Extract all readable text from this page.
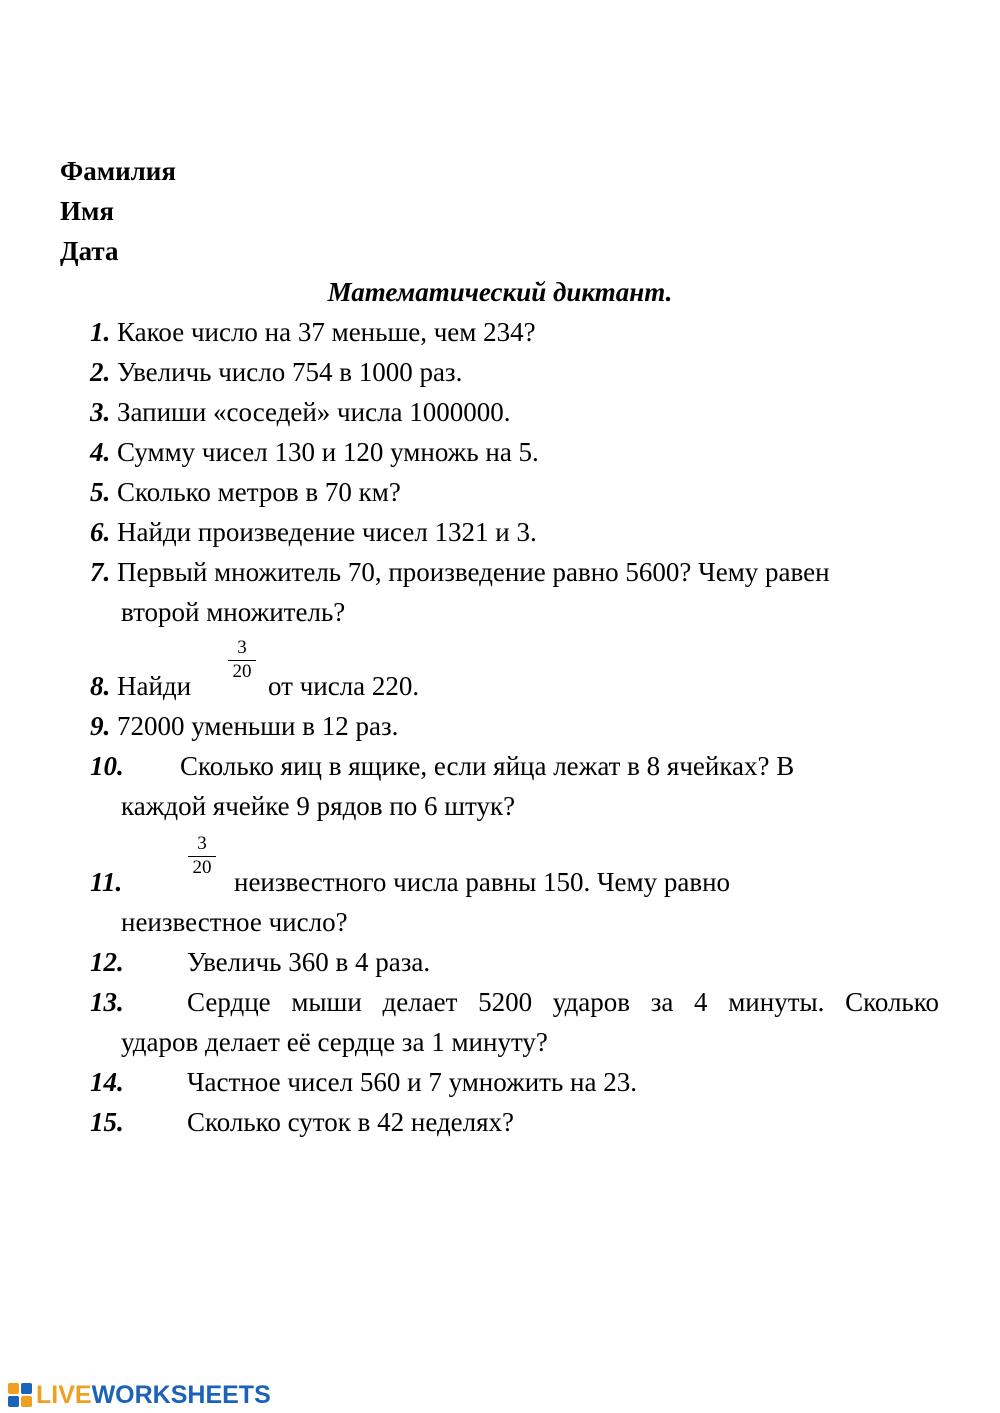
Фамилия
Имя
Дата
Математический диктант.
1. Какое число на 37 меньше, чем 234?
2. Увеличь число 754 в 1000 раз.
3. Запиши «соседей» числа 1000000.
4. Сумму чисел 130 и 120 умножь на 5.
5. Сколько метров в 70 км?
6. Найди произведение чисел 1321 и 3.
7. Первый множитель 70, произведение равно 5600? Чему равен
второй множитель?
8. Найди
$\frac{3}{20}$
от числа 220.
9. 72000 уменьши в 12 раз.
10. Сколько яиц в ящике, если яйца лежат в 8 ячейках? В
каждой ячейке 9 рядов по 6 штук?
11.
$\frac{3}{20}$
неизвестного числа равны 150. Чему равно
неизвестное число?
12. Увеличь 360 в 4 раза.
13. Сердце мыши делает 5200 ударов за 4 минуты. Сколько
ударов делает её сердце за 1 минуту?
14. Частное чисел 560 и 7 умножить на 23.
15. Сколько суток в 42 неделях?
LIVEWORKSHEETS
